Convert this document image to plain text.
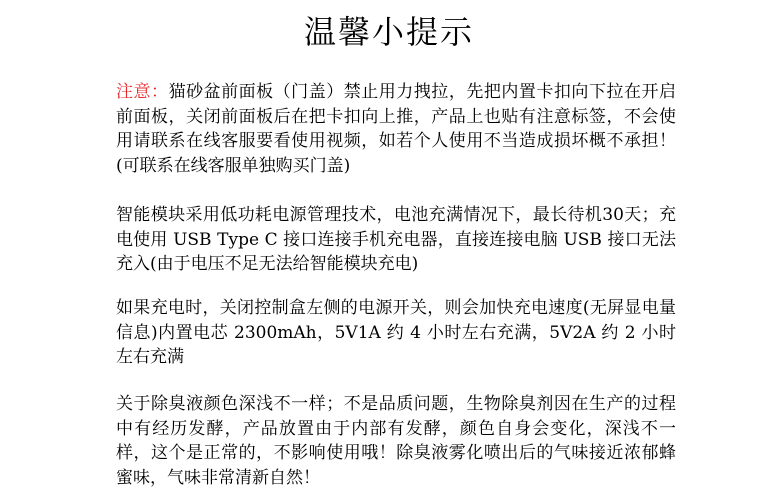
温馨小提示

注意：猫砂盆前面板（门盖）禁止用力拽拉，先把内置卡扣向下拉在开启前面板，关闭前面板后在把卡扣向上推，产品上也贴有注意标签，不会使用请联系在线客服要看使用视频，如若个人使用不当造成损坏概不承担！(可联系在线客服单独购买门盖)

智能模块采用低功耗电源管理技术，电池充满情况下，最长待机30天；充电使用 USB Type C 接口连接手机充电器，直接连接电脑 USB 接口无法充入(由于电压不足无法给智能模块充电)

如果充电时，关闭控制盒左侧的电源开关，则会加快充电速度(无屏显电量信息)内置电芯 2300mAh，5V1A 约 4 小时左右充满，5V2A 约 2 小时左右充满

关于除臭液颜色深浅不一样；不是品质问题，生物除臭剂因在生产的过程中有经历发酵，产品放置由于内部有发酵，颜色自身会变化，深浅不一样，这个是正常的，不影响使用哦！除臭液雾化喷出后的气味接近浓郁蜂蜜味，气味非常清新自然！
